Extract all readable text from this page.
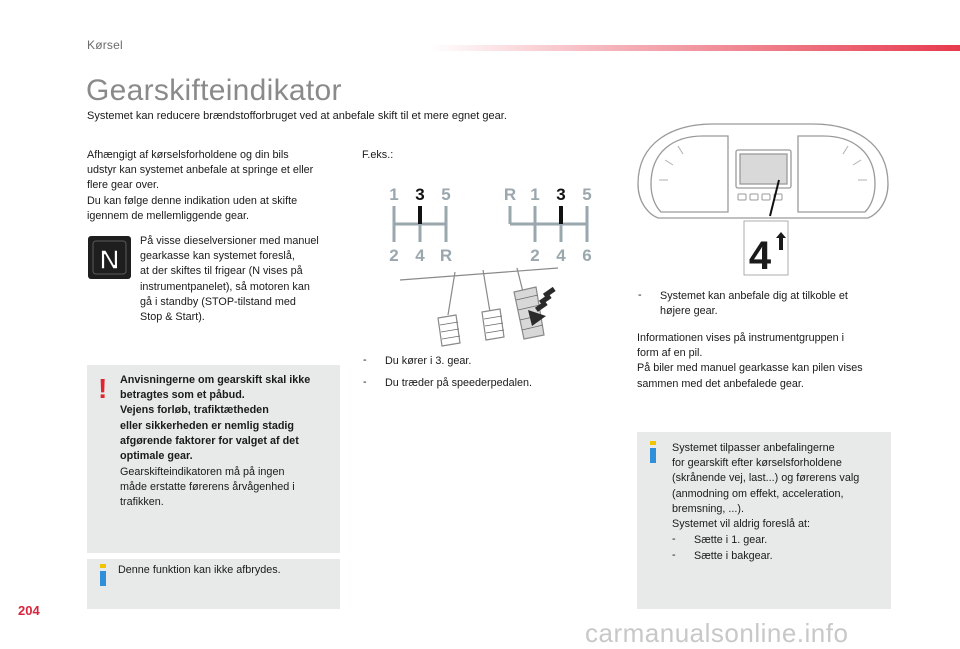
Kørsel
Gearskifteindikator
Systemet kan reducere brændstofforbruget ved at anbefale skift til et mere egnet gear.
Afhængigt af kørselsforholdene og din bils
udstyr kan systemet anbefale at springe et eller
flere gear over.
Du kan følge denne indikation uden at skifte
igennem de mellemliggende gear.
N
På visse dieselversioner med manuel
gearkasse kan systemet foreslå,
at der skiftes til frigear (N vises på
instrumentpanelet), så motoren kan
gå i standby (STOP-tilstand med
Stop & Start).
! Anvisningerne om gearskift skal ikke
betragtes som et påbud.
Vejens forløb, trafiktætheden
eller sikkerheden er nemlig stadig
afgørende faktorer for valget af det
optimale gear.
Gearskifteindikatoren må på ingen
måde erstatte førerens årvågenhed i
trafikken.
Denne funktion kan ikke afbrydes.
F.eks.:
1 3 5
2 4 R
R 1 3 5
2 4 6
- Du kører i 3. gear.
- Du træder på speederpedalen.
4
- Systemet kan anbefale dig at tilkoble et
højere gear.
Informationen vises på instrumentgruppen i
form af en pil.
På biler med manuel gearkasse kan pilen vises
sammen med det anbefalede gear.
Systemet tilpasser anbefalingerne
for gearskift efter kørselsforholdene
(skrånende vej, last...) og førerens valg
(anmodning om effekt, acceleration,
bremsning, ...).
Systemet vil aldrig foreslå at:
- Sætte i 1. gear.
- Sætte i bakgear.
204
carmanualsonline.info
